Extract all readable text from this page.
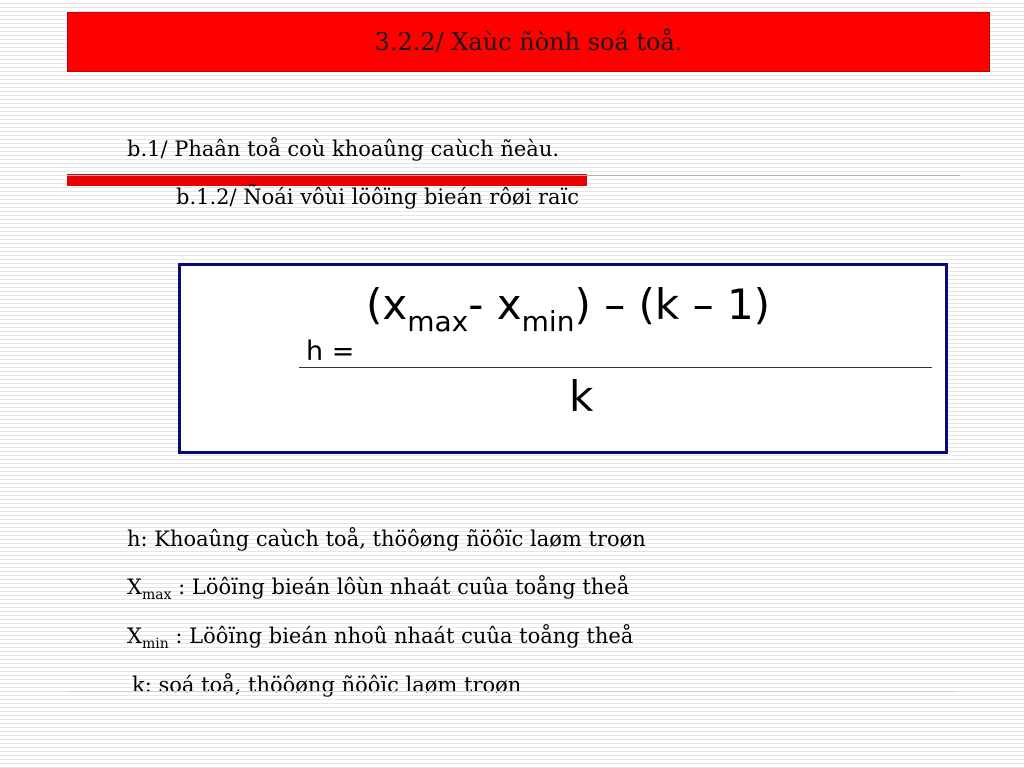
3.2.2/ Xaùc ñònh soá toå.
b.1/ Phaân toå coù khoaûng caùch ñeàu.
b.1.2/ Ñoái vôùi löôïng bieán rôøi raïc
($x_{max}-$ $x_{min}) - (k - 1)$
h =
k
h: Khoaûng caùch toå, thöôøng ñöôïc laøm troøn
$X_{max}$ : Löôïng bieán lôùn nhaát cuûa toång theå
$X_{min}$ : Löôïng bieán nhoû nhaát cuûa toång theå
k: soá toå, thöôøng ñöôïc laøm troøn
